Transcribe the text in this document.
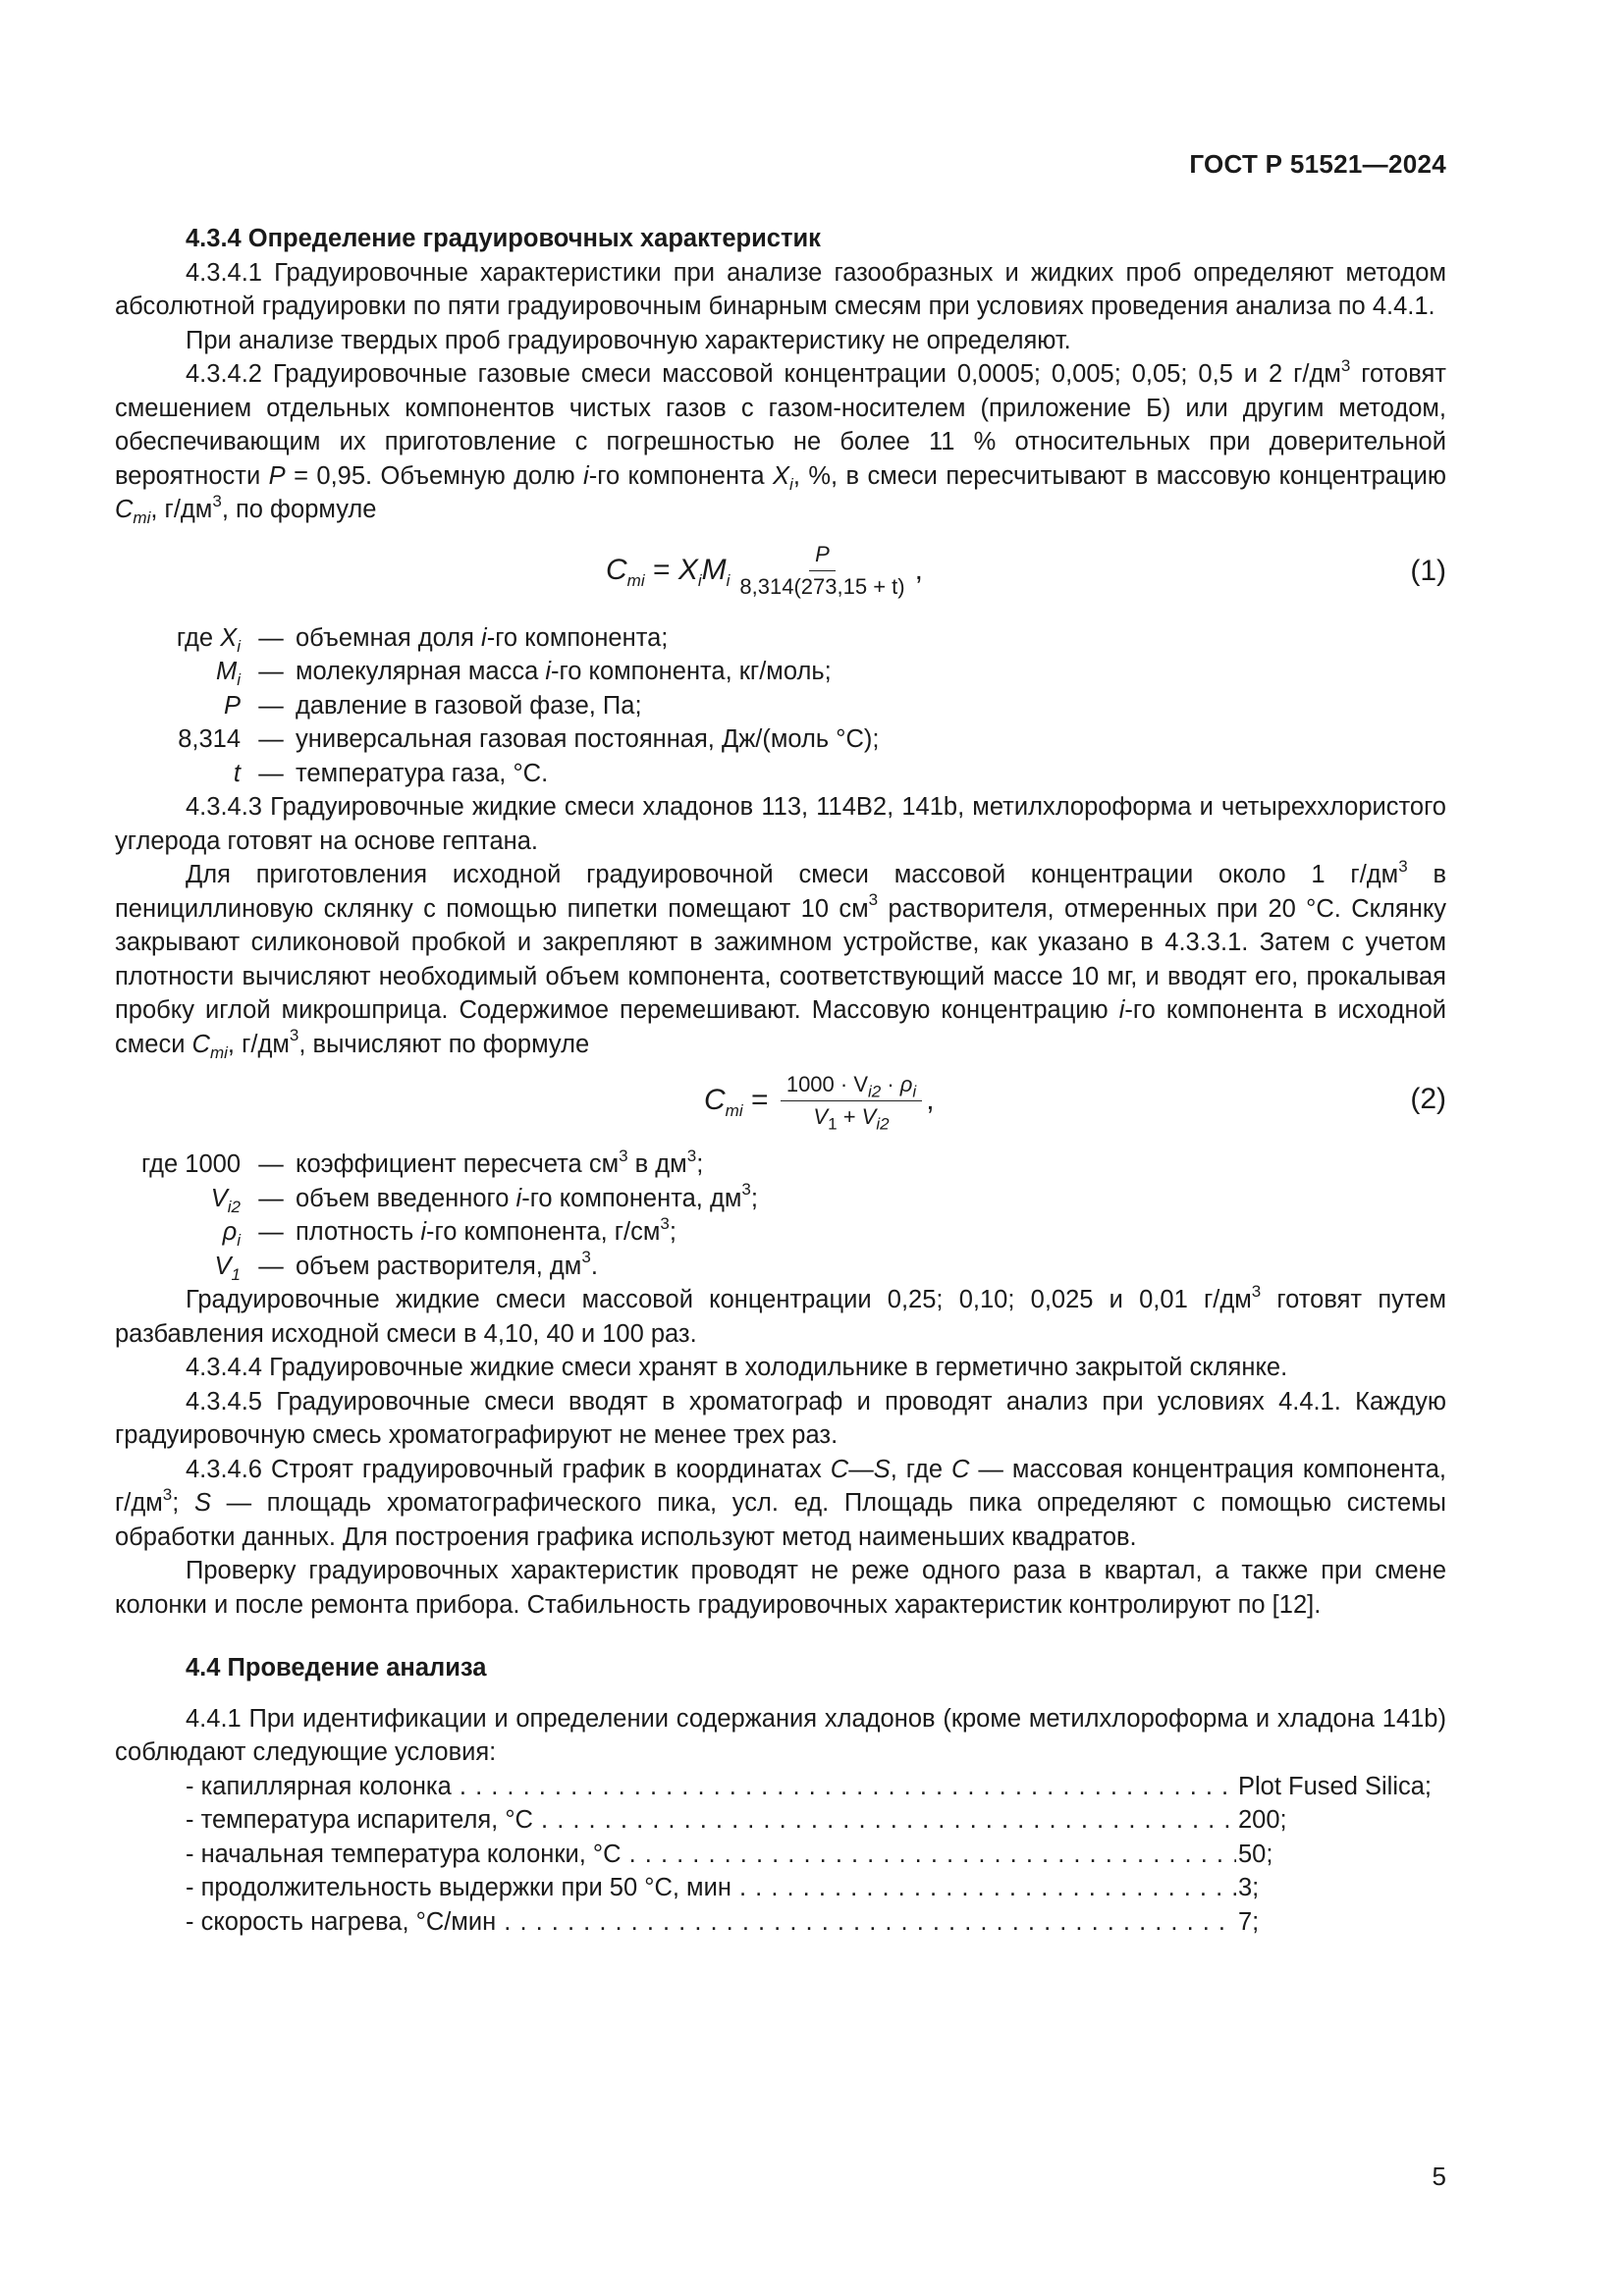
ГОСТ Р 51521—2024

4.3.4 Определение градуировочных характеристик

4.3.4.1 Градуировочные характеристики при анализе газообразных и жидких проб определяют методом абсолютной градуировки по пяти градуировочным бинарным смесям при условиях проведения анализа по 4.4.1.

При анализе твердых проб градуировочную характеристику не определяют.

4.3.4.2 Градуировочные газовые смеси массовой концентрации 0,0005; 0,005; 0,05; 0,5 и 2 $г/дм^3$ готовят смешением отдельных компонентов чистых газов с газом-носителем (приложение Б) или другим методом, обеспечивающим их приготовление с погрешностью не более 11 % относительных при доверительной вероятности P = 0,95. Объемную долю i-го компонента $X_i$, %, в смеси пересчитывают в массовую концентрацию $C_{mi}$, $г/дм^3$, по формуле

$C_{mi} = X_iM_i \frac{P}{8,314(273,15 + t)}$ ,	(1)
где $X_i$ — объемная доля i-го компонента;
$M_i$ — молекулярная масса i-го компонента, кг/моль;
P — давление в газовой фазе, Па;
8,314 — универсальная газовая постоянная, Дж/(моль °С);
t — температура газа, °С.

4.3.4.3 Градуировочные жидкие смеси хладонов 113, 114В2, 141b, метилхлороформа и четыреххлористого углерода готовят на основе гептана.

Для приготовления исходной градуировочной смеси массовой концентрации около 1 $г/дм^3$ в пенициллиновую склянку с помощью пипетки помещают 10 $см^3$ растворителя, отмеренных при 20 °С. Склянку закрывают силиконовой пробкой и закрепляют в зажимном устройстве, как указано в 4.3.3.1. Затем с учетом плотности вычисляют необходимый объем компонента, соответствующий массе 10 мг, и вводят его, прокалывая пробку иглой микрошприца. Содержимое перемешивают. Массовую концентрацию i-го компонента в исходной смеси $C_{mi}$, $г/дм^3$, вычисляют по формуле

$C_{mi} = \frac{1000 \cdot V_{i2} \cdot \rho_i}{V_1 + V_{i2}}$ ,	(2)
где 1000 — коэффициент пересчета $см^3$ в $дм^3$;
$V_{i2}$ — объем введенного i-го компонента, $дм^3$;
$\rho_i$ — плотность i-го компонента, $г/см^3$;
$V_1$ — объем растворителя, $дм^3$.

Градуировочные жидкие смеси массовой концентрации 0,25; 0,10; 0,025 и 0,01 $г/дм^3$ готовят путем разбавления исходной смеси в 4,10, 40 и 100 раз.

4.3.4.4 Градуировочные жидкие смеси хранят в холодильнике в герметично закрытой склянке.

4.3.4.5 Градуировочные смеси вводят в хроматограф и проводят анализ при условиях 4.4.1. Каждую градуировочную смесь хроматографируют не менее трех раз.

4.3.4.6 Строят градуировочный график в координатах C—S, где C — массовая концентрация компонента, $г/дм^3$; S — площадь хроматографического пика, усл. ед. Площадь пика определяют с помощью системы обработки данных. Для построения графика используют метод наименьших квадратов.

Проверку градуировочных характеристик проводят не реже одного раза в квартал, а также при смене колонки и после ремонта прибора. Стабильность градуировочных характеристик контролируют по [12].

4.4 Проведение анализа

4.4.1 При идентификации и определении содержания хладонов (кроме метилхлороформа и хладона 141b) соблюдают следующие условия:

- капиллярная колонка . . .	Plot Fused Silica;
- температура испарителя, °С . . .	200;
- начальная температура колонки, °С . . .	50;
- продолжительность выдержки при 50 °С, мин . . .	3;
- скорость нагрева, °С/мин . . .	7;
5
